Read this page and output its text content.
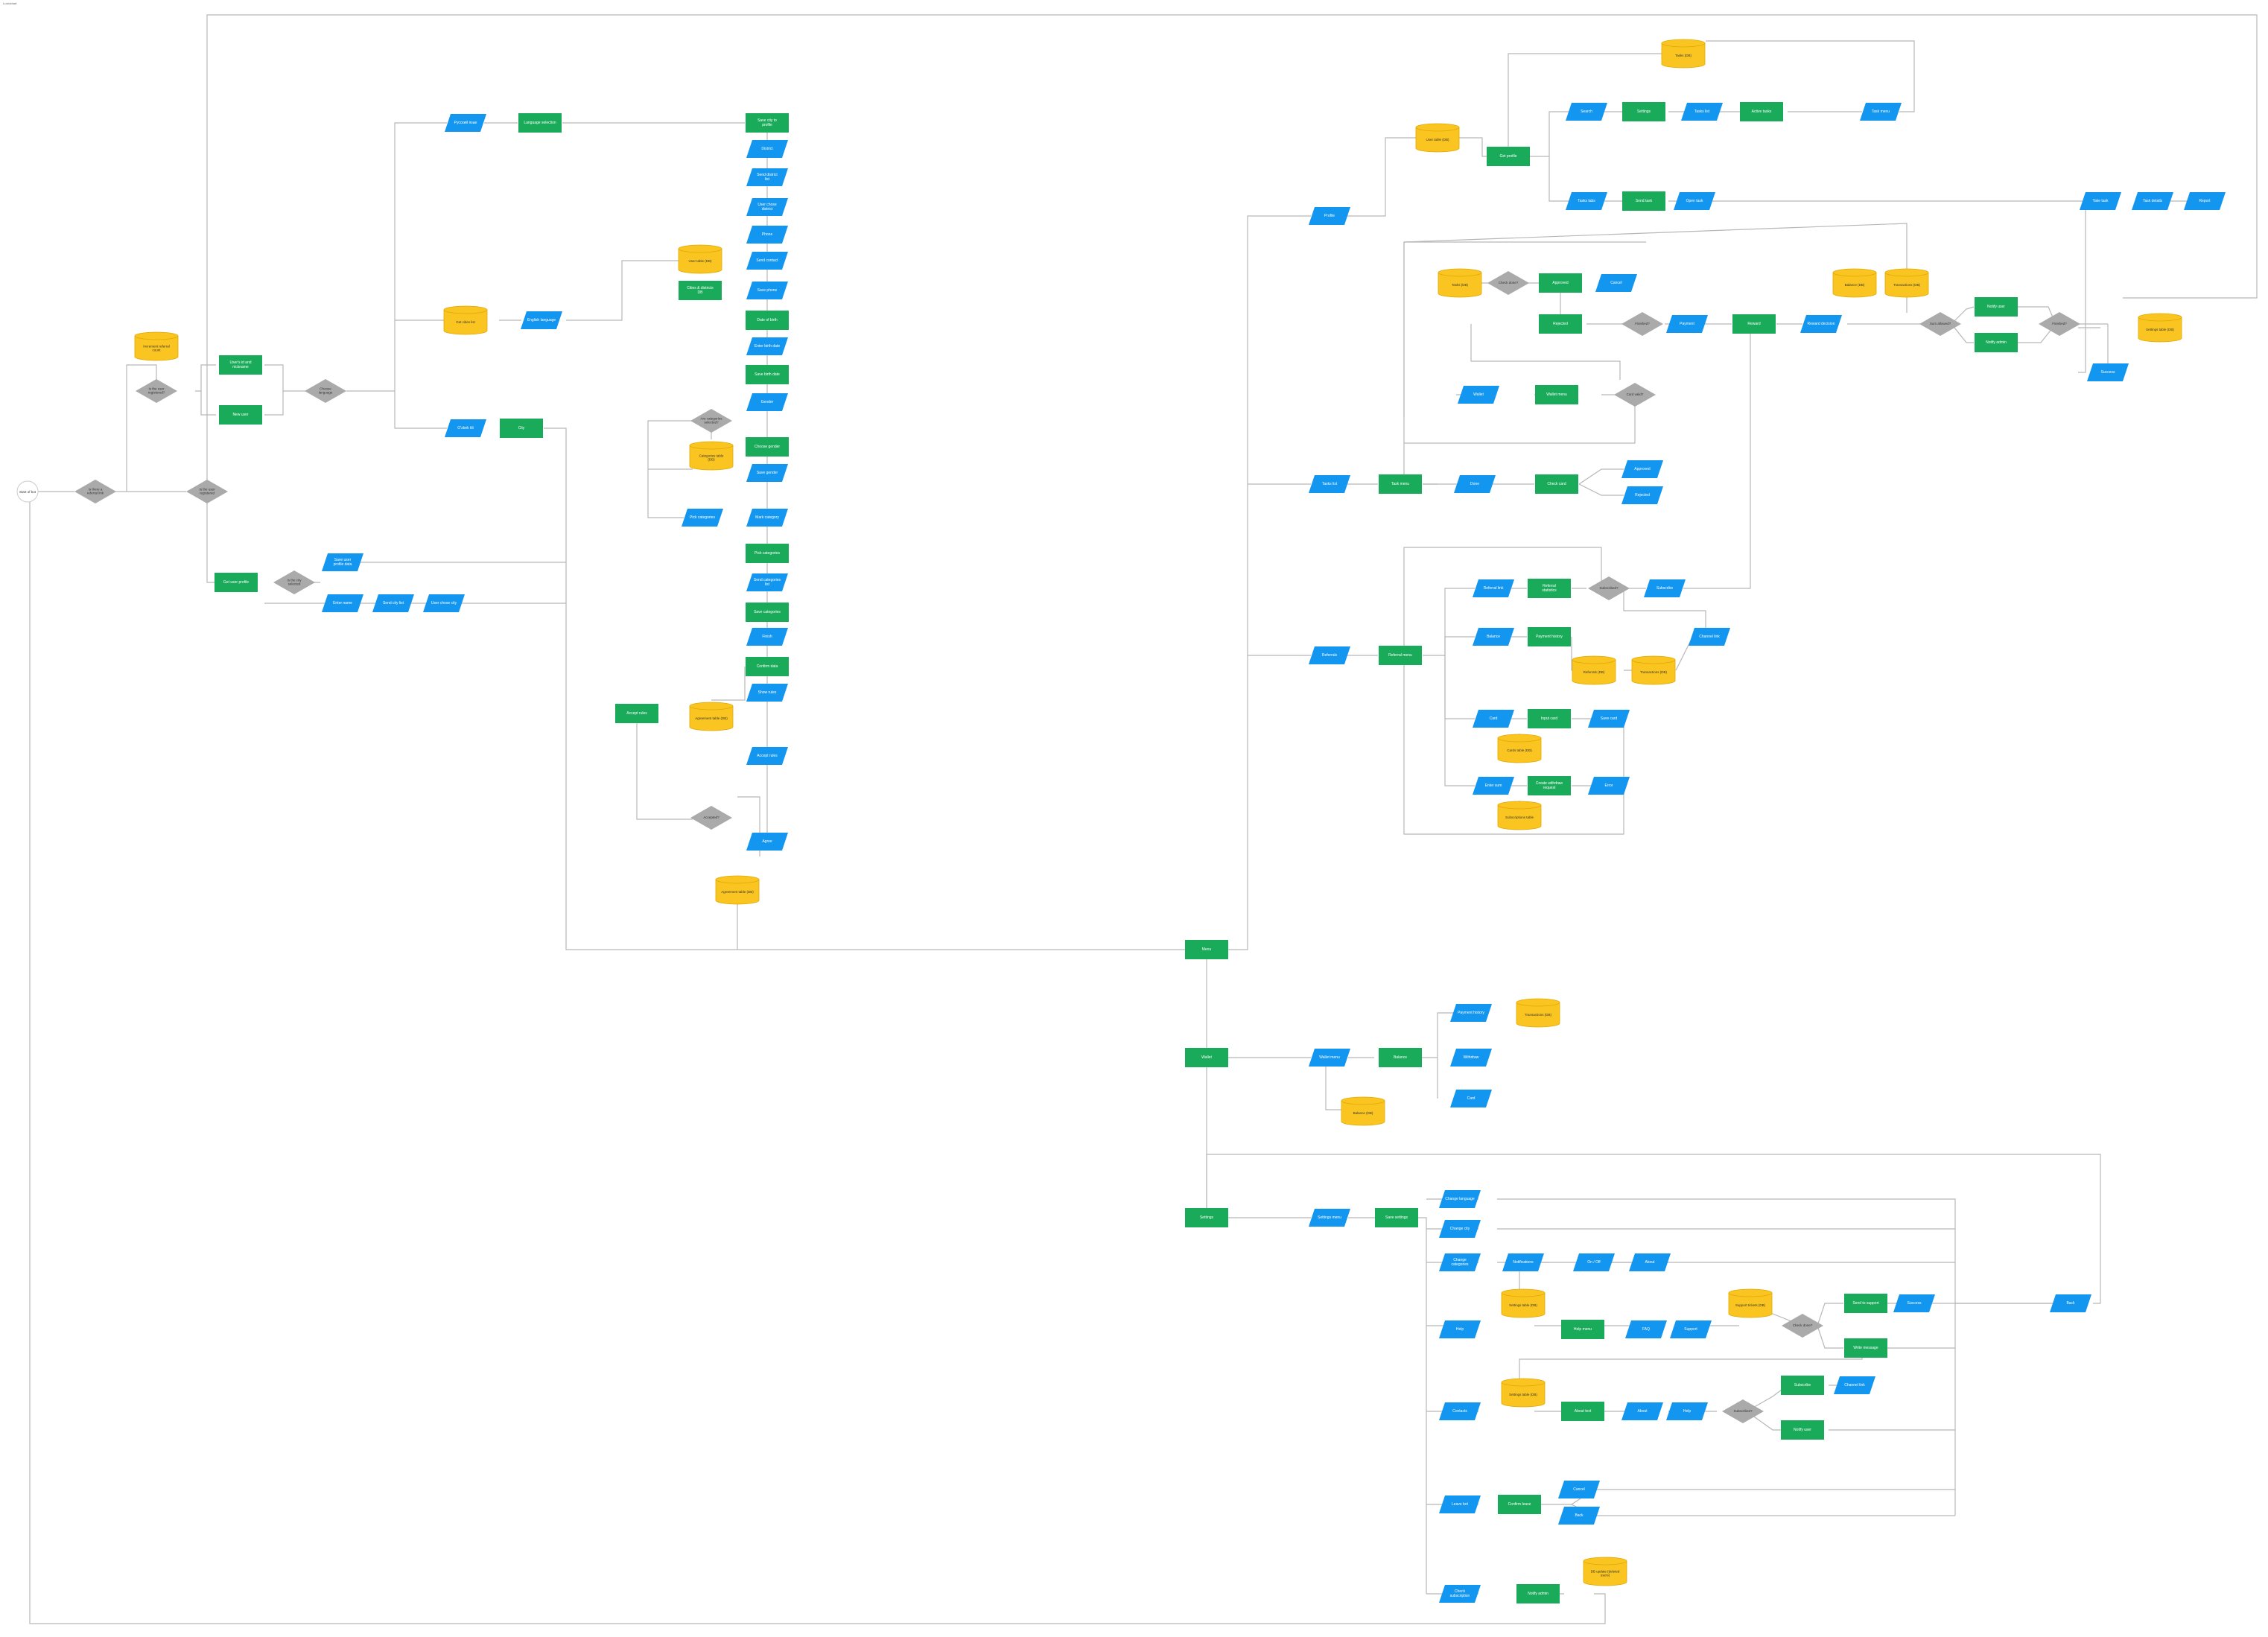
Lucidchart
Start of bot
Is there a referral link
Is the user registered
Increment referral count
Is the user registered?
User's id and nickname
New user
Choose language
Русский язык	Language selection
Get cities list	English language
O'zbek tili	City
Get user profile
Is the city selected
Save user profile data
Enter name	Send city list	User chose city
Save city to profile
District
Send district list
User chose district
Phone
Send contact
Save phone
Date of birth
Enter birth date
Save birth date
Gender
Choose gender
Save gender
Mark category
Pick categories
Send categories list
Save categories
Finish
Confirm data
Show rules
Accept rules
Agree
User table (DB)
Cities & districts DB
Are categories selected?
Categories table (DB)
Pick categories
Accept rules
Agreement table (DB)
Accepted?
Agreement table (DB)
Menu
Profile
User table (DB)
Get profile
Tasks (DB)
Search	Settings	Tasks list	Active tasks	Task menu
Tasks tabs	Send task	Open task	Take task	Task details	Report
Tasks list	Task menu	Done	Check card
Approved
Rejected
Tasks (DB)
Check done?	Approved	Cancel
Rejected	Finished?	Payment	Reward	Reward decision
Balance (DB)	Transactions (DB)
Sum allowed?
Notify user
Notify admin
Finished?
Settings table (DB)
Success
Wallet	Wallet menu	Card valid?
Referrals	Referral menu
Referral link	Referral statistics
Subscribed?	Subscribe
Balance	Payment history
Referrals (DB)	Transactions (DB)
Channel link
Card	Input card	Save card
Cards table (DB)
Enter sum	Create withdraw request	Error
Subscriptions table
Wallet	Wallet menu	Balance
Payment history
Withdraw
Card
Transactions (DB)
Balance (DB)
Settings	Settings menu	Save settings
Change language
Change city
Change categories	Notifications	On / Off	About
Settings table (DB)
Help	Help menu	FAQ	Support
Support tickets (DB)
Check done?
Send to support	Success
Write message
Back
Contacts
Settings table (DB)
About text	About	Help	Subscribed?
Subscribe	Channel link
Notify user
Leave bot	Confirm leave
Cancel
Back
Check subscription	Notify admin
DB update (deleted users)
